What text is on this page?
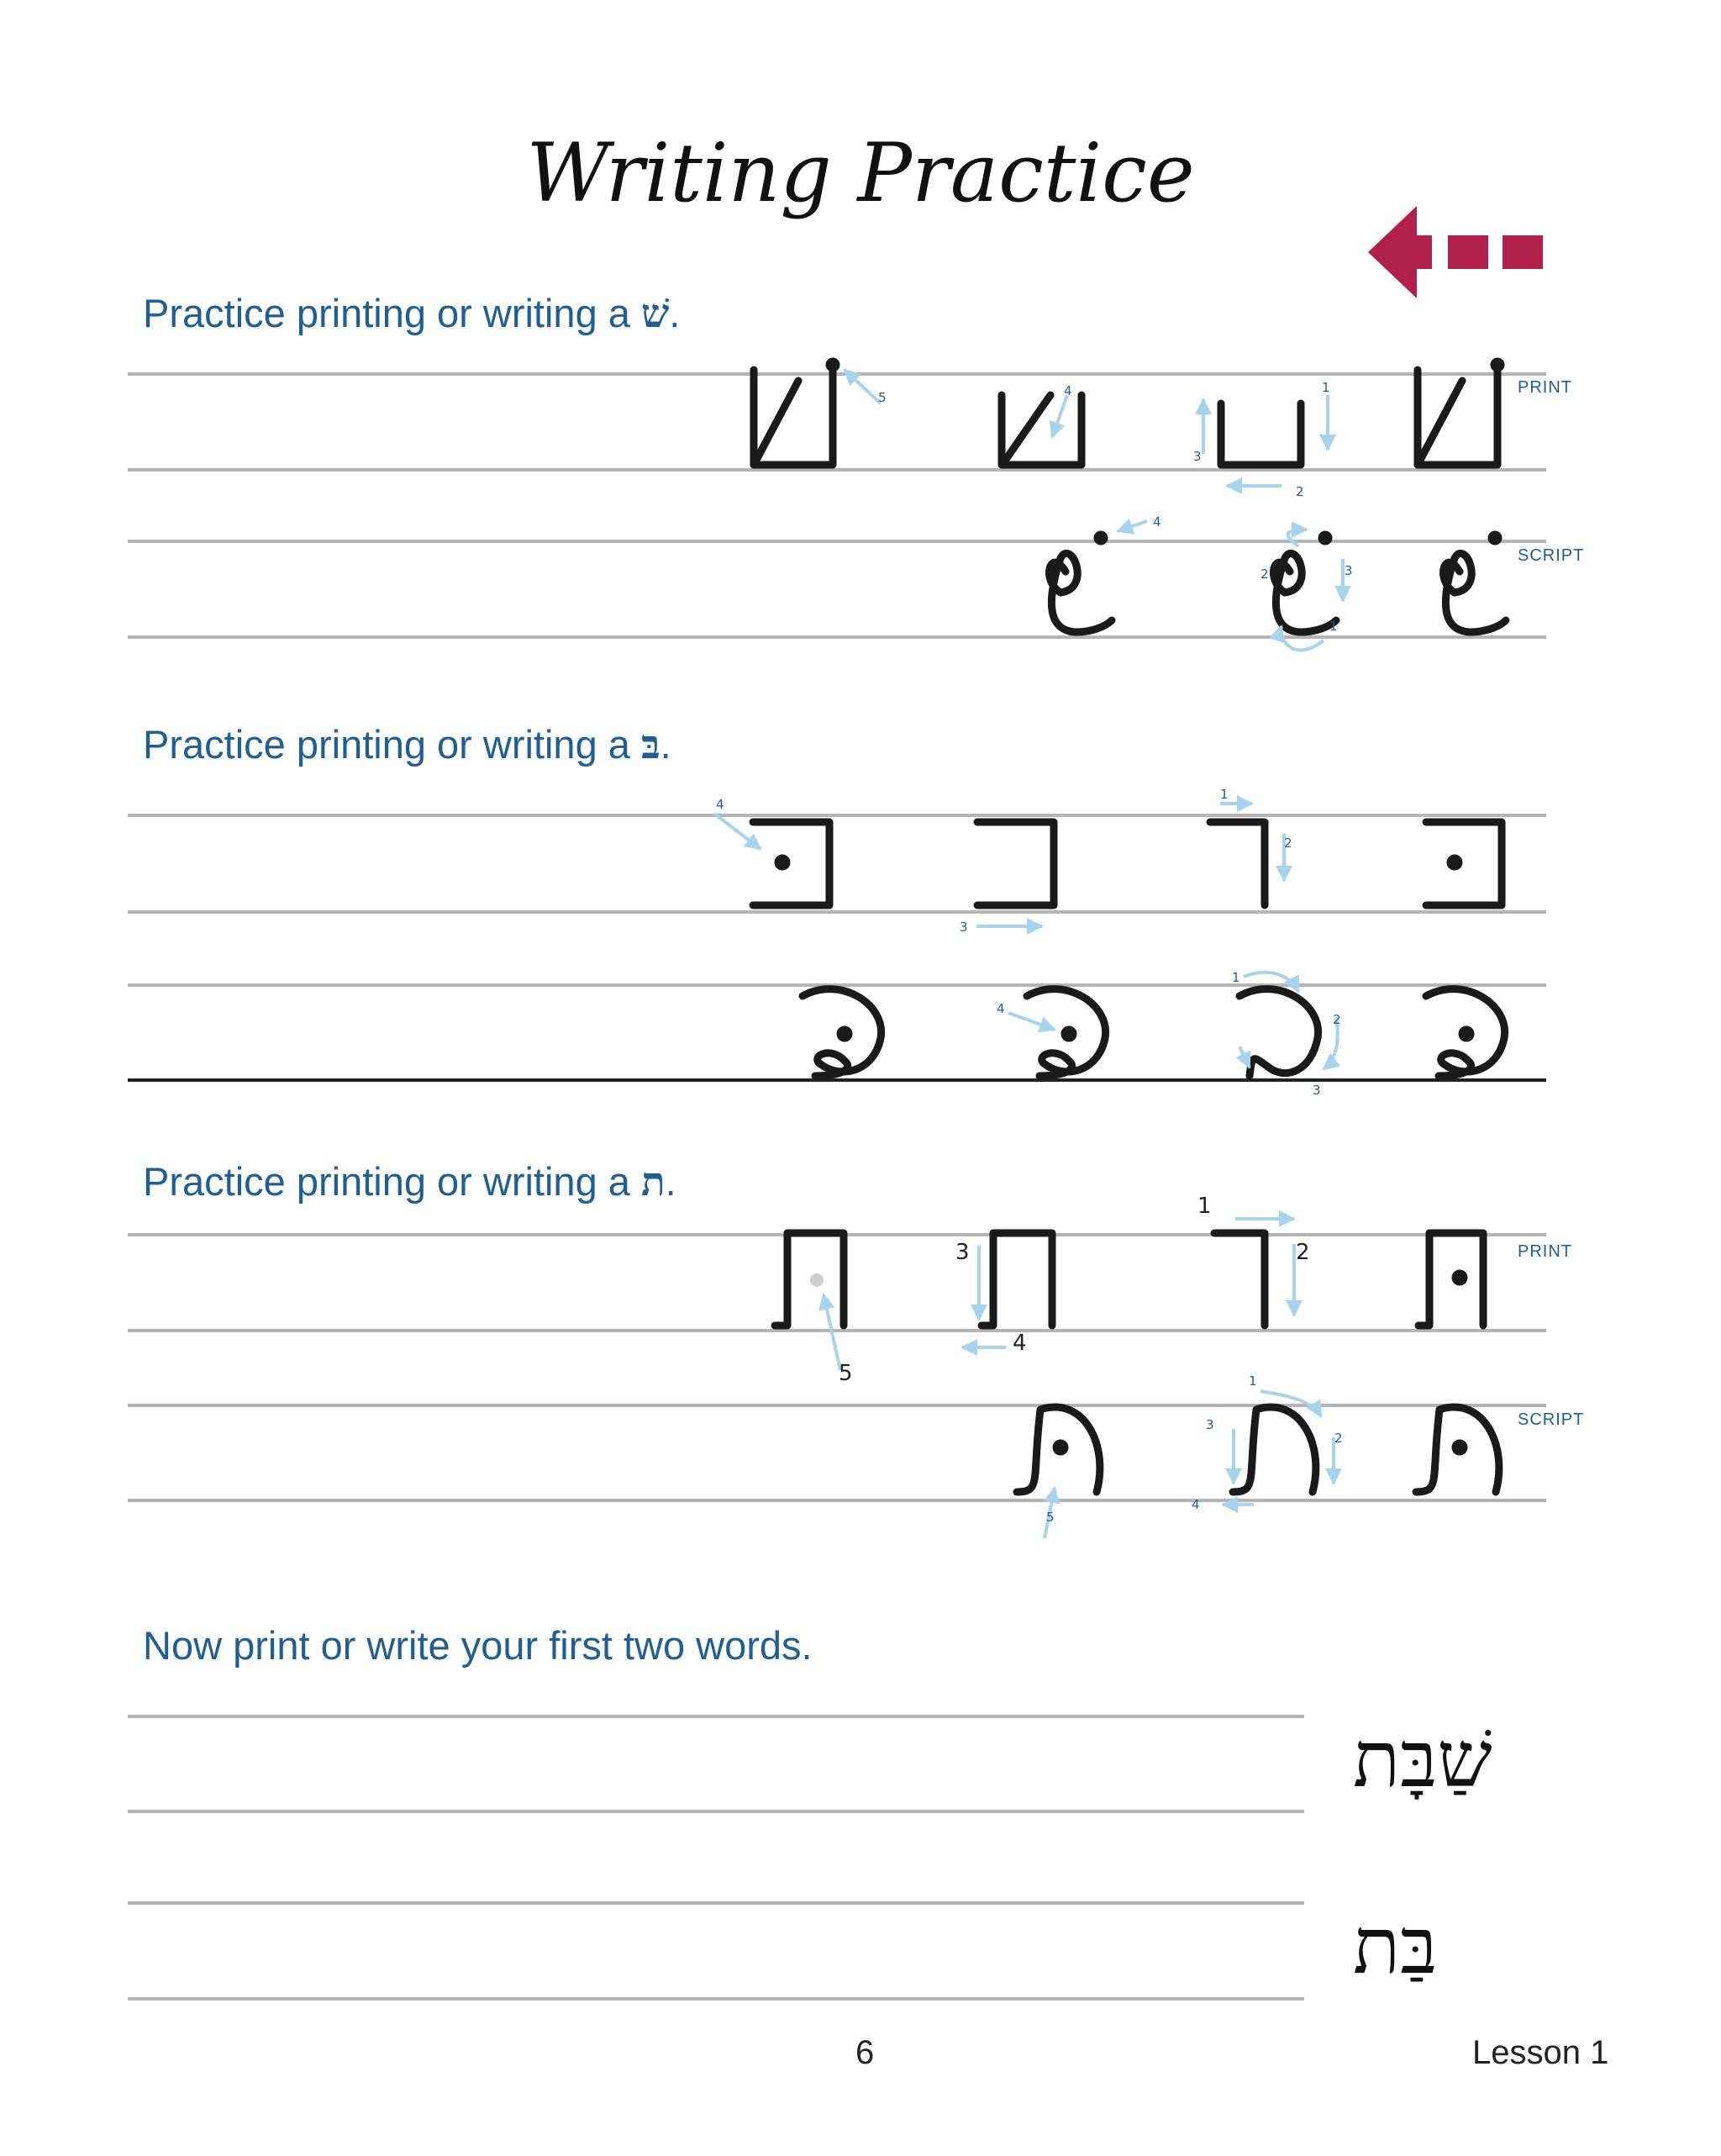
Writing Practice
Practice printing or writing a שׁ.
PRINT
SCRIPT
Practice printing or writing a בּ.
Practice printing or writing a ת.
PRINT
SCRIPT
Now print or write your first two words.
שַׁבָּת
בַּת
5	4	1
3
2
4
2	3
1
4
1
2
3
4
1
2
3
5
3
4
1
2
5
1
3
2
4
6	Lesson 1
